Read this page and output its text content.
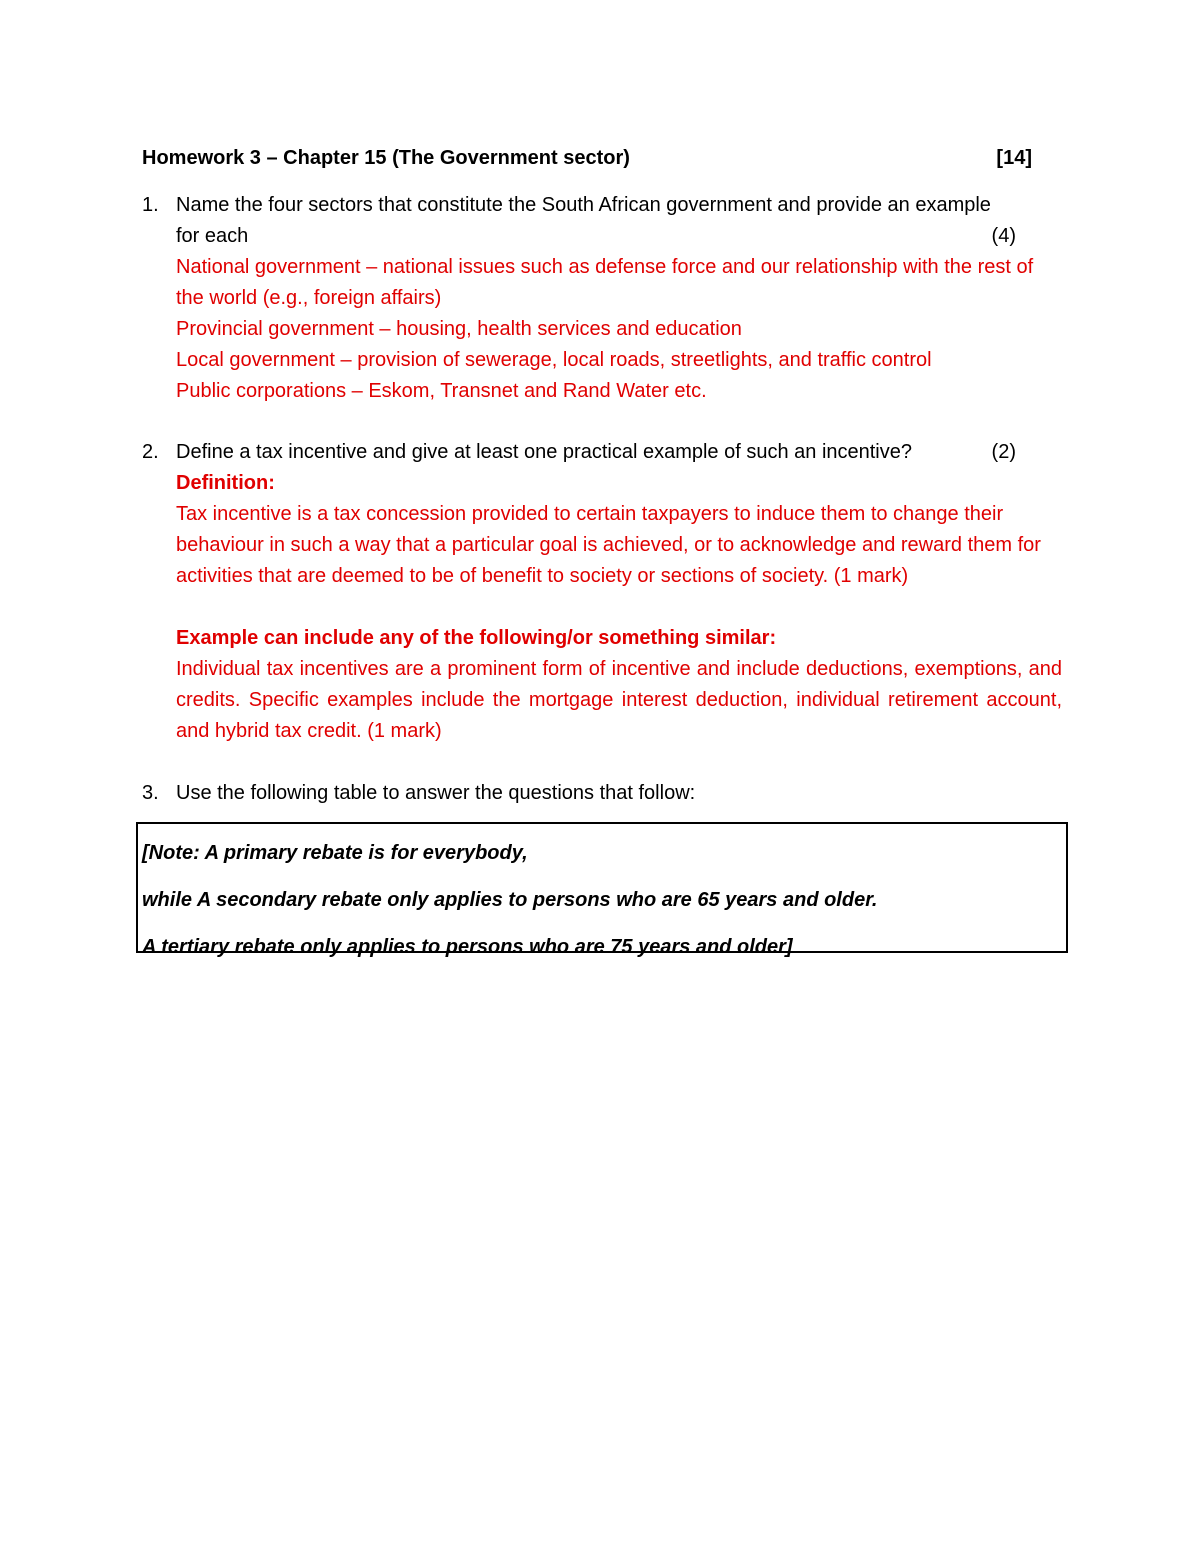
Homework 3 – Chapter 15 (The Government sector)	[14]
1. Name the four sectors that constitute the South African government and provide an example
for each	(4)
National government – national issues such as defense force and our relationship with the rest of the world (e.g., foreign affairs)
Provincial government – housing, health services and education
Local government – provision of sewerage, local roads, streetlights, and traffic control
Public corporations – Eskom, Transnet and Rand Water etc.
2. Define a tax incentive and give at least one practical example of such an incentive?	(2)
Definition:
Tax incentive is a tax concession provided to certain taxpayers to induce them to change their behaviour in such a way that a particular goal is achieved, or to acknowledge and reward them for activities that are deemed to be of benefit to society or sections of society. (1 mark)
Example can include any of the following/or something similar:
Individual tax incentives are a prominent form of incentive and include deductions, exemptions, and credits. Specific examples include the mortgage interest deduction, individual retirement account, and hybrid tax credit. (1 mark)
3. Use the following table to answer the questions that follow:
[Note: A primary rebate is for everybody,
while A secondary rebate only applies to persons who are 65 years and older.
A tertiary rebate only applies to persons who are 75 years and older]
